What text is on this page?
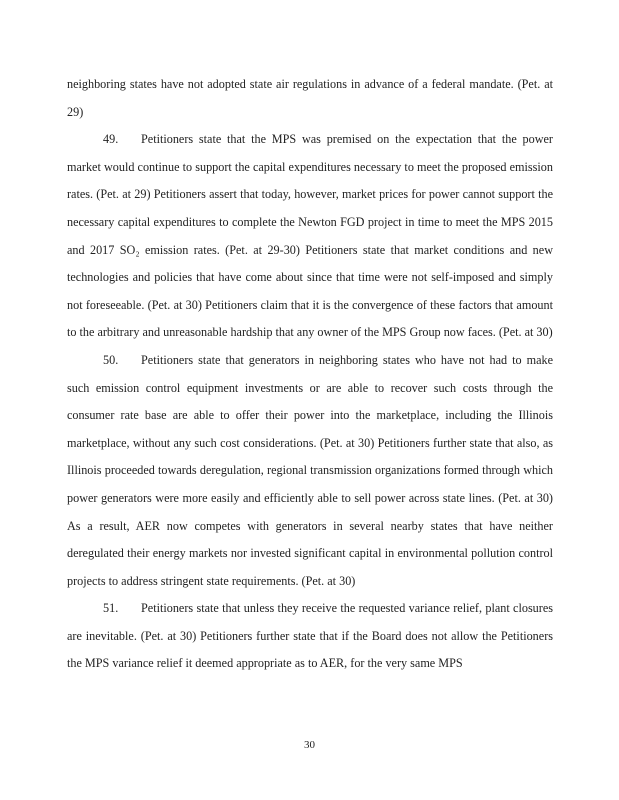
neighboring states have not adopted state air regulations in advance of a federal mandate. (Pet. at 29)

49. Petitioners state that the MPS was premised on the expectation that the power market would continue to support the capital expenditures necessary to meet the proposed emission rates. (Pet. at 29) Petitioners assert that today, however, market prices for power cannot support the necessary capital expenditures to complete the Newton FGD project in time to meet the MPS 2015 and 2017 SO₂ emission rates. (Pet. at 29-30) Petitioners state that market conditions and new technologies and policies that have come about since that time were not self-imposed and simply not foreseeable. (Pet. at 30) Petitioners claim that it is the convergence of these factors that amount to the arbitrary and unreasonable hardship that any owner of the MPS Group now faces. (Pet. at 30)

50. Petitioners state that generators in neighboring states who have not had to make such emission control equipment investments or are able to recover such costs through the consumer rate base are able to offer their power into the marketplace, including the Illinois marketplace, without any such cost considerations. (Pet. at 30) Petitioners further state that also, as Illinois proceeded towards deregulation, regional transmission organizations formed through which power generators were more easily and efficiently able to sell power across state lines. (Pet. at 30) As a result, AER now competes with generators in several nearby states that have neither deregulated their energy markets nor invested significant capital in environmental pollution control projects to address stringent state requirements. (Pet. at 30)

51. Petitioners state that unless they receive the requested variance relief, plant closures are inevitable. (Pet. at 30) Petitioners further state that if the Board does not allow the Petitioners the MPS variance relief it deemed appropriate as to AER, for the very same MPS

30
